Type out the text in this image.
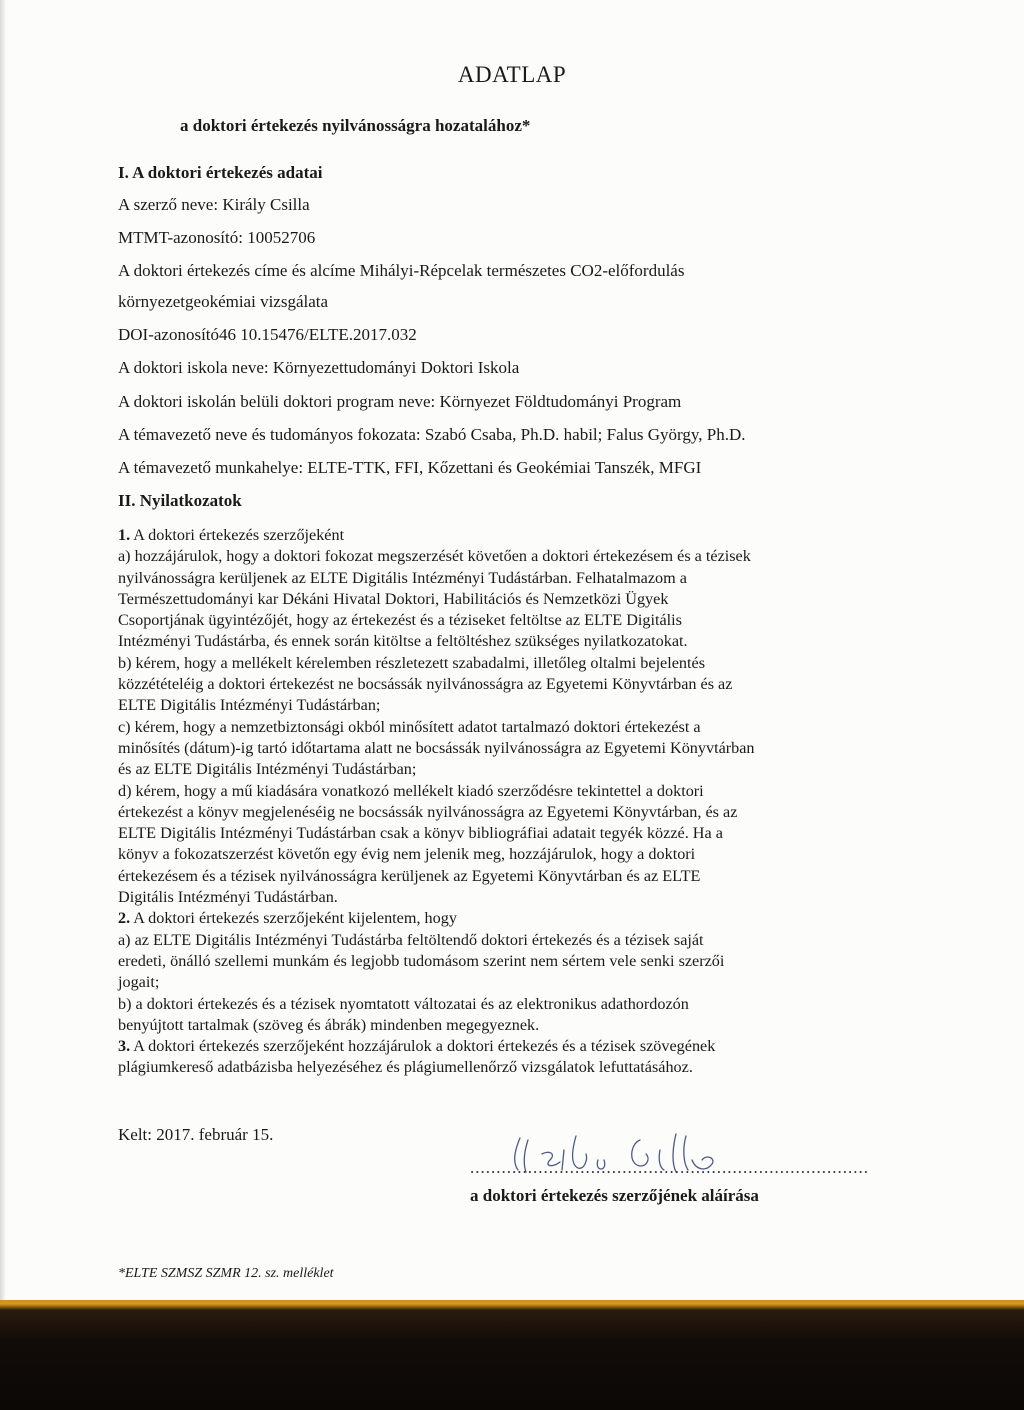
ADATLAP
a doktori értekezés nyilvánosságra hozatalához*
I. A doktori értekezés adatai
A szerző neve: Király Csilla
MTMT-azonosító: 10052706
A doktori értekezés címe és alcíme Mihályi-Répcelak természetes CO2-előfordulás
környezetgeokémiai vizsgálata
DOI-azonosító46 10.15476/ELTE.2017.032
A doktori iskola neve: Környezettudományi Doktori Iskola
A doktori iskolán belüli doktori program neve: Környezet Földtudományi Program
A témavezető neve és tudományos fokozata: Szabó Csaba, Ph.D. habil; Falus György, Ph.D.
A témavezető munkahelye: ELTE-TTK, FFI, Kőzettani és Geokémiai Tanszék, MFGI
II. Nyilatkozatok

1. A doktori értekezés szerzőjeként

a) hozzájárulok, hogy a doktori fokozat megszerzését követően a doktori értekezésem és a tézisek

nyilvánosságra kerüljenek az ELTE Digitális Intézményi Tudástárban. Felhatalmazom a

Természettudományi kar Dékáni Hivatal Doktori, Habilitációs és Nemzetközi Ügyek

Csoportjának ügyintézőjét, hogy az értekezést és a téziseket feltöltse az ELTE Digitális

Intézményi Tudástárba, és ennek során kitöltse a feltöltéshez szükséges nyilatkozatokat.

b) kérem, hogy a mellékelt kérelemben részletezett szabadalmi, illetőleg oltalmi bejelentés

közzétételéig a doktori értekezést ne bocsássák nyilvánosságra az Egyetemi Könyvtárban és az

ELTE Digitális Intézményi Tudástárban;

c) kérem, hogy a nemzetbiztonsági okból minősített adatot tartalmazó doktori értekezést a

minősítés (dátum)-ig tartó időtartama alatt ne bocsássák nyilvánosságra az Egyetemi Könyvtárban

és az ELTE Digitális Intézményi Tudástárban;

d) kérem, hogy a mű kiadására vonatkozó mellékelt kiadó szerződésre tekintettel a doktori

értekezést a könyv megjelenéséig ne bocsássák nyilvánosságra az Egyetemi Könyvtárban, és az

ELTE Digitális Intézményi Tudástárban csak a könyv bibliográfiai adatait tegyék közzé. Ha a

könyv a fokozatszerzést követőn egy évig nem jelenik meg, hozzájárulok, hogy a doktori

értekezésem és a tézisek nyilvánosságra kerüljenek az Egyetemi Könyvtárban és az ELTE

Digitális Intézményi Tudástárban.

2. A doktori értekezés szerzőjeként kijelentem, hogy

a) az ELTE Digitális Intézményi Tudástárba feltöltendő doktori értekezés és a tézisek saját

eredeti, önálló szellemi munkám és legjobb tudomásom szerint nem sértem vele senki szerzői

jogait;

b) a doktori értekezés és a tézisek nyomtatott változatai és az elektronikus adathordozón

benyújtott tartalmak (szöveg és ábrák) mindenben megegyeznek.

3. A doktori értekezés szerzőjeként hozzájárulok a doktori értekezés és a tézisek szövegének

plágiumkereső adatbázisba helyezéséhez és plágiumellenőrző vizsgálatok lefuttatásához.

Kelt: 2017. február 15.
............................................................................
a doktori értekezés szerzőjének aláírása
*ELTE SZMSZ SZMR 12. sz. melléklet
